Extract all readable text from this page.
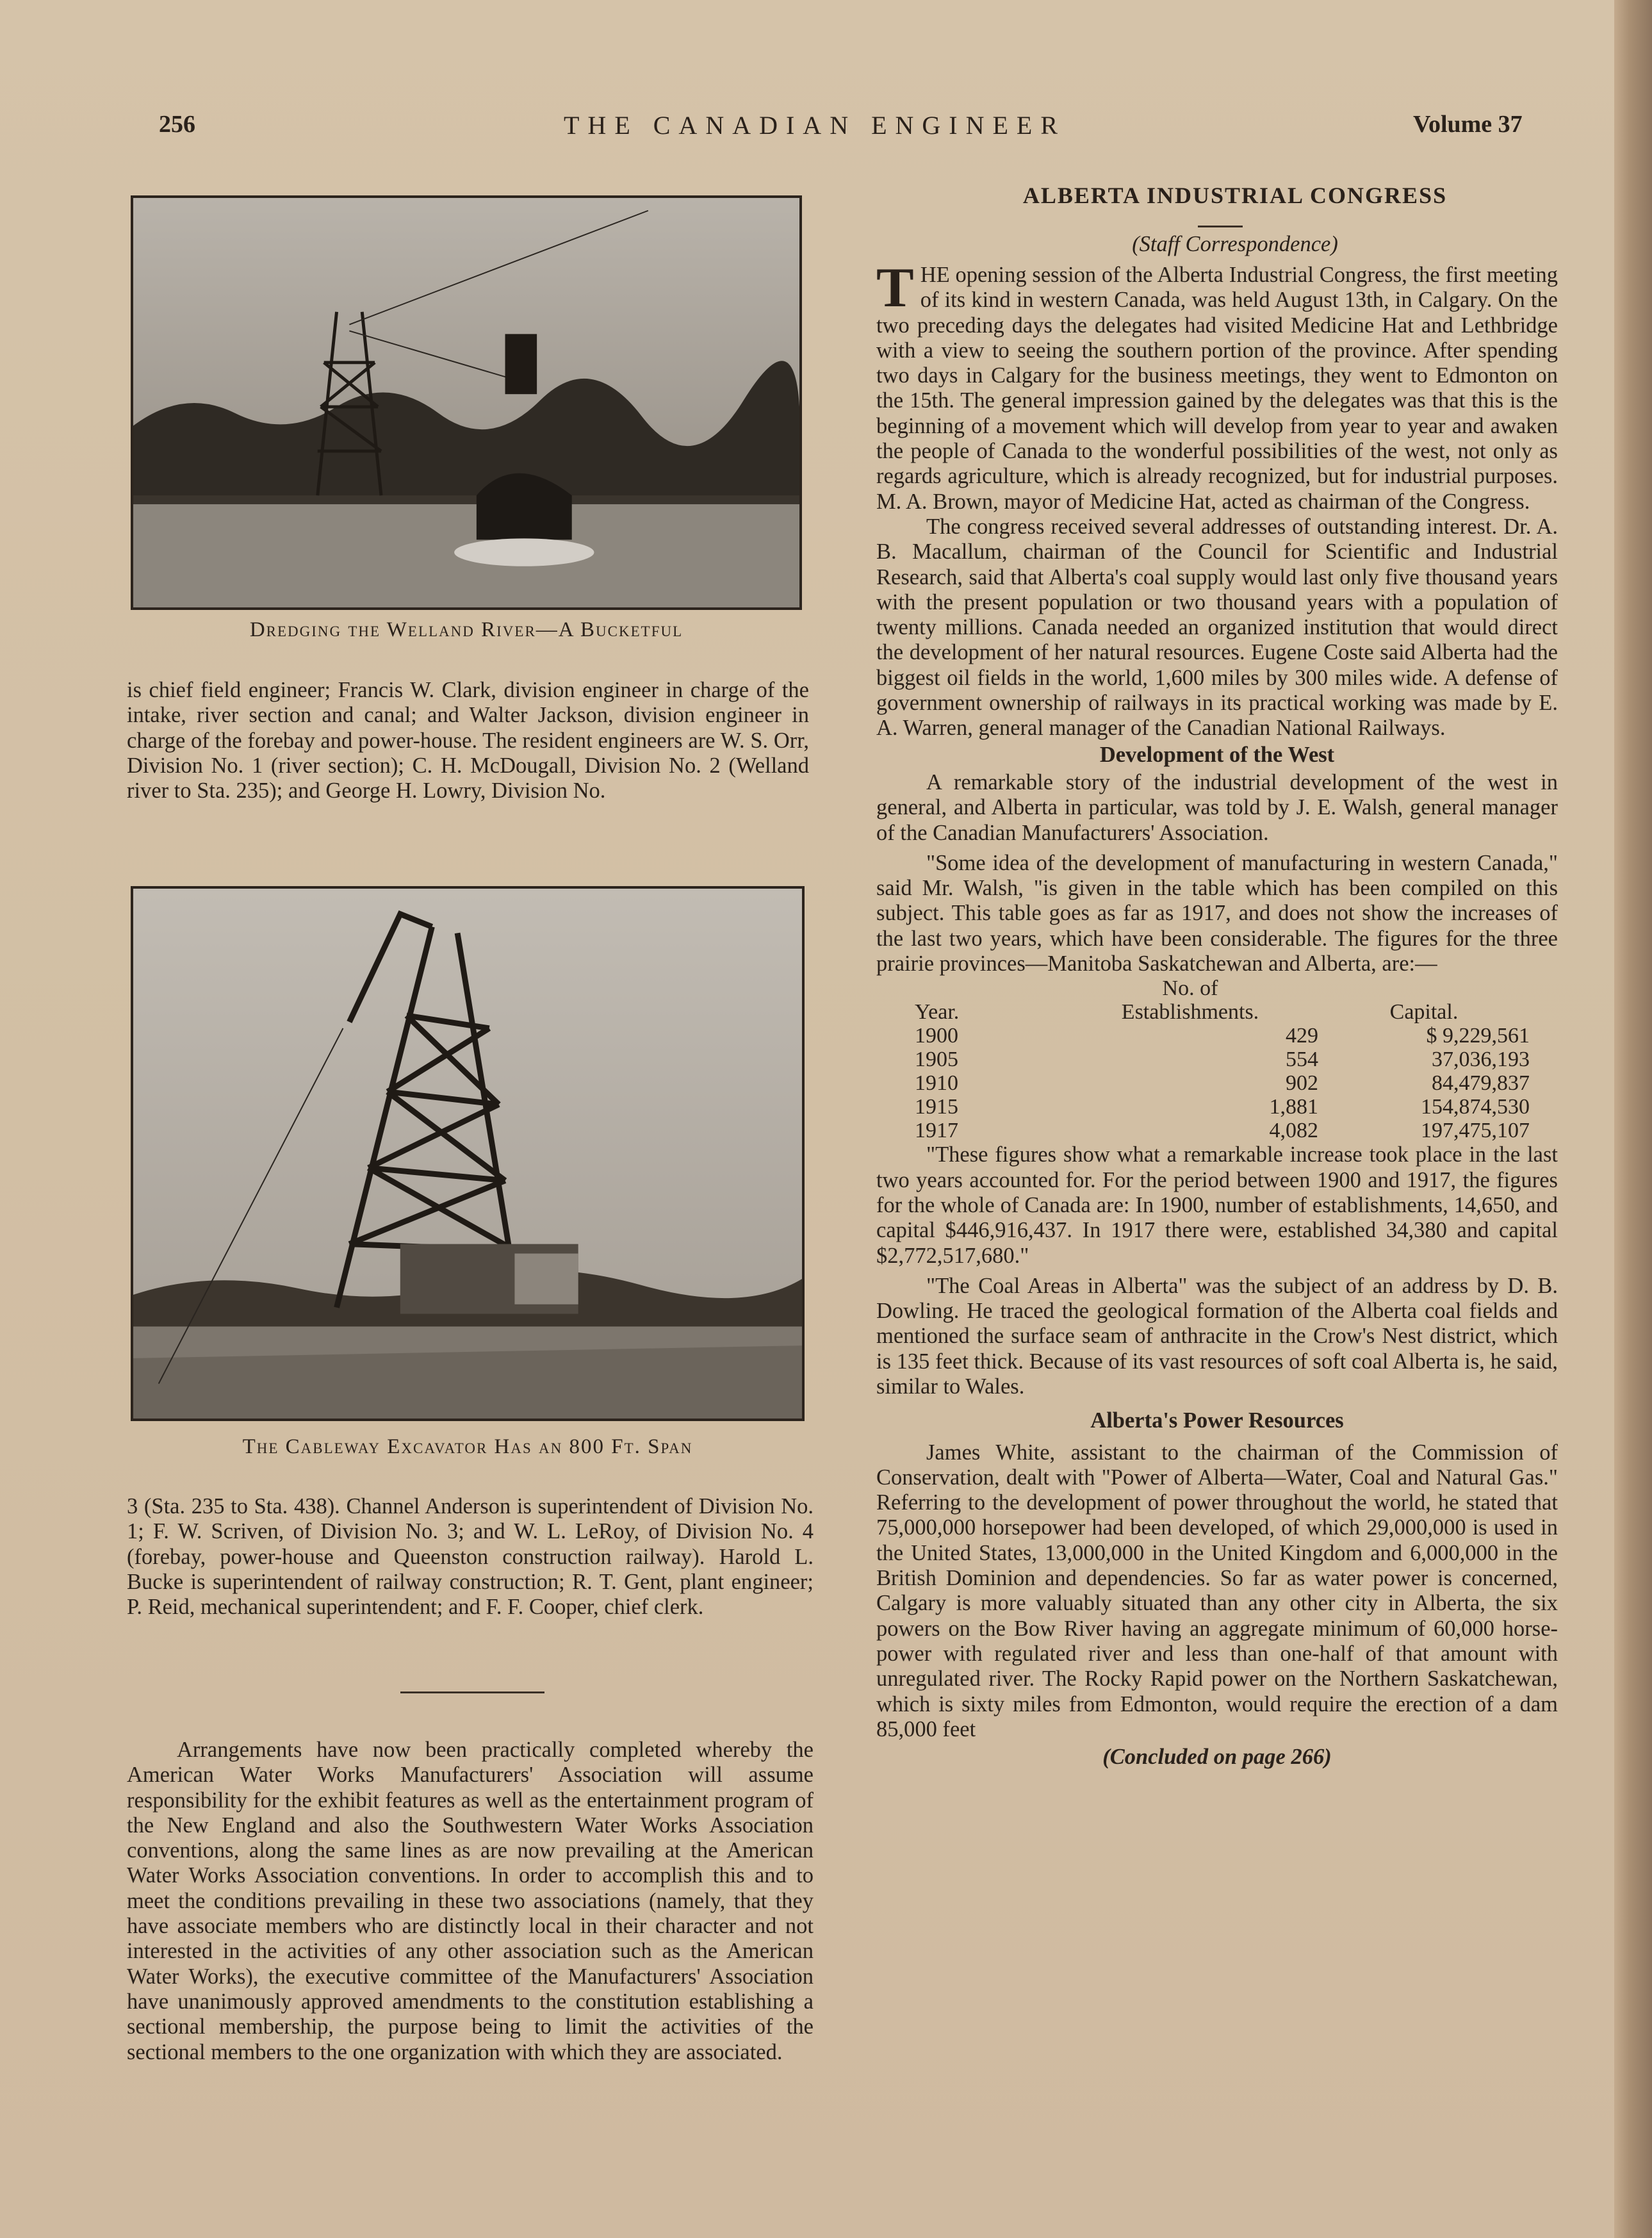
256	THE CANADIAN ENGINEER	Volume 37
Dredging the Welland River—A Bucketful

is chief field engineer; Francis W. Clark, division engineer in charge of the intake, river section and canal; and Walter Jackson, division engineer in charge of the forebay and power-house. The resident engineers are W. S. Orr, Division No. 1 (river section); C. H. McDougall, Division No. 2 (Welland river to Sta. 235); and George H. Lowry, Division No.

The Cableway Excavator Has an 800 Ft. Span

3 (Sta. 235 to Sta. 438). Channel Anderson is superintendent of Division No. 1; F. W. Scriven, of Division No. 3; and W. L. LeRoy, of Division No. 4 (forebay, power-house and Queenston construction railway). Harold L. Bucke is superintendent of railway construction; R. T. Gent, plant engineer; P. Reid, mechanical superintendent; and F. F. Cooper, chief clerk.

Arrangements have now been practically completed whereby the American Water Works Manufacturers' Association will assume responsibility for the exhibit features as well as the entertainment program of the New England and also the Southwestern Water Works Association conventions, along the same lines as are now prevailing at the American Water Works Association conventions. In order to accomplish this and to meet the conditions prevailing in these two associations (namely, that they have associate members who are distinctly local in their character and not interested in the activities of any other association such as the American Water Works), the executive committee of the Manufacturers' Association have unanimously approved amendments to the constitution establishing a sectional membership, the purpose being to limit the activities of the sectional members to the one organization with which they are associated.

ALBERTA INDUSTRIAL CONGRESS
(Staff Correspondence)

THE opening session of the Alberta Industrial Congress, the first meeting of its kind in western Canada, was held August 13th, in Calgary. On the two preceding days the delegates had visited Medicine Hat and Lethbridge with a view to seeing the southern portion of the province. After spending two days in Calgary for the business meetings, they went to Edmonton on the 15th. The general impression gained by the delegates was that this is the beginning of a movement which will develop from year to year and awaken the people of Canada to the wonderful possibilities of the west, not only as regards agriculture, which is already recognized, but for industrial purposes. M. A. Brown, mayor of Medicine Hat, acted as chairman of the Congress.

The congress received several addresses of outstanding interest. Dr. A. B. Macallum, chairman of the Council for Scientific and Industrial Research, said that Alberta's coal supply would last only five thousand years with the present population or two thousand years with a population of twenty millions. Canada needed an organized institution that would direct the development of her natural resources. Eugene Coste said Alberta had the biggest oil fields in the world, 1,600 miles by 300 miles wide. A defense of government ownership of railways in its practical working was made by E. A. Warren, general manager of the Canadian National Railways.

Development of the West

A remarkable story of the industrial development of the west in general, and Alberta in particular, was told by J. E. Walsh, general manager of the Canadian Manufacturers' Association.

"Some idea of the development of manufacturing in western Canada," said Mr. Walsh, "is given in the table which has been compiled on this subject. This table goes as far as 1917, and does not show the increases of the last two years, which have been considerable. The figures for the three prairie provinces—Manitoba Saskatchewan and Alberta, are:—

	No. of	
Year.	Establishments.	Capital.
1900	429	$ 9,229,561
1905	554	37,036,193
1910	902	84,479,837
1915	1,881	154,874,530
1917	4,082	197,475,107

"These figures show what a remarkable increase took place in the last two years accounted for. For the period between 1900 and 1917, the figures for the whole of Canada are: In 1900, number of establishments, 14,650, and capital $446,916,437. In 1917 there were, established 34,380 and capital $2,772,517,680."

"The Coal Areas in Alberta" was the subject of an address by D. B. Dowling. He traced the geological formation of the Alberta coal fields and mentioned the surface seam of anthracite in the Crow's Nest district, which is 135 feet thick. Because of its vast resources of soft coal Alberta is, he said, similar to Wales.

Alberta's Power Resources

James White, assistant to the chairman of the Commission of Conservation, dealt with "Power of Alberta—Water, Coal and Natural Gas." Referring to the development of power throughout the world, he stated that 75,000,000 horsepower had been developed, of which 29,000,000 is used in the United States, 13,000,000 in the United Kingdom and 6,000,000 in the British Dominion and dependencies. So far as water power is concerned, Calgary is more valuably situated than any other city in Alberta, the six powers on the Bow River having an aggregate minimum of 60,000 horse-power with regulated river and less than one-half of that amount with unregulated river. The Rocky Rapid power on the Northern Saskatchewan, which is sixty miles from Edmonton, would require the erection of a dam 85,000 feet

(Concluded on page 266)
